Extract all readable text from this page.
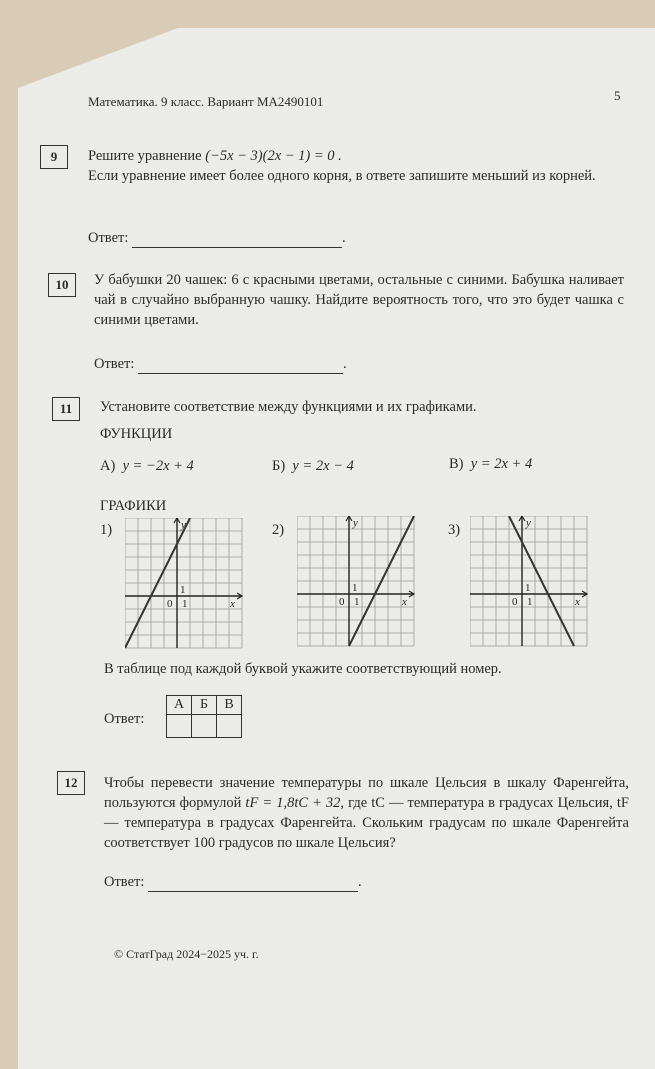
Математика. 9 класс. Вариант МА2490101	5
9	Решите уравнение (−5x − 3)(2x − 1) = 0 .
Если уравнение имеет более одного корня, в ответе запишите меньший из корней.
Ответ:	.
10	У бабушки 20 чашек: 6 с красными цветами, остальные с синими. Бабушка наливает чай в случайно выбранную чашку. Найдите вероятность того, что это будет чашка с синими цветами.
Ответ:	.
11	Установите соответствие между функциями и их графиками.
ФУНКЦИИ
А) y = −2x + 4	Б) y = 2x − 4	В) y = 2x + 4
ГРАФИКИ
1)	2)	3)
0 1
1
x
y
0 1
1
x
y
0 1
1
x
y
В таблице под каждой буквой укажите соответствующий номер.
Ответ:
А	Б	В

12	Чтобы перевести значение температуры по шкале Цельсия в шкалу Фаренгейта, пользуются формулой tF = 1,8tC + 32, где tC — температура в градусах Цельсия, tF — температура в градусах Фаренгейта. Скольким градусам по шкале Фаренгейта соответствует 100 градусов по шкале Цельсия?
Ответ:	.
© СтатГрад 2024−2025 уч. г.
